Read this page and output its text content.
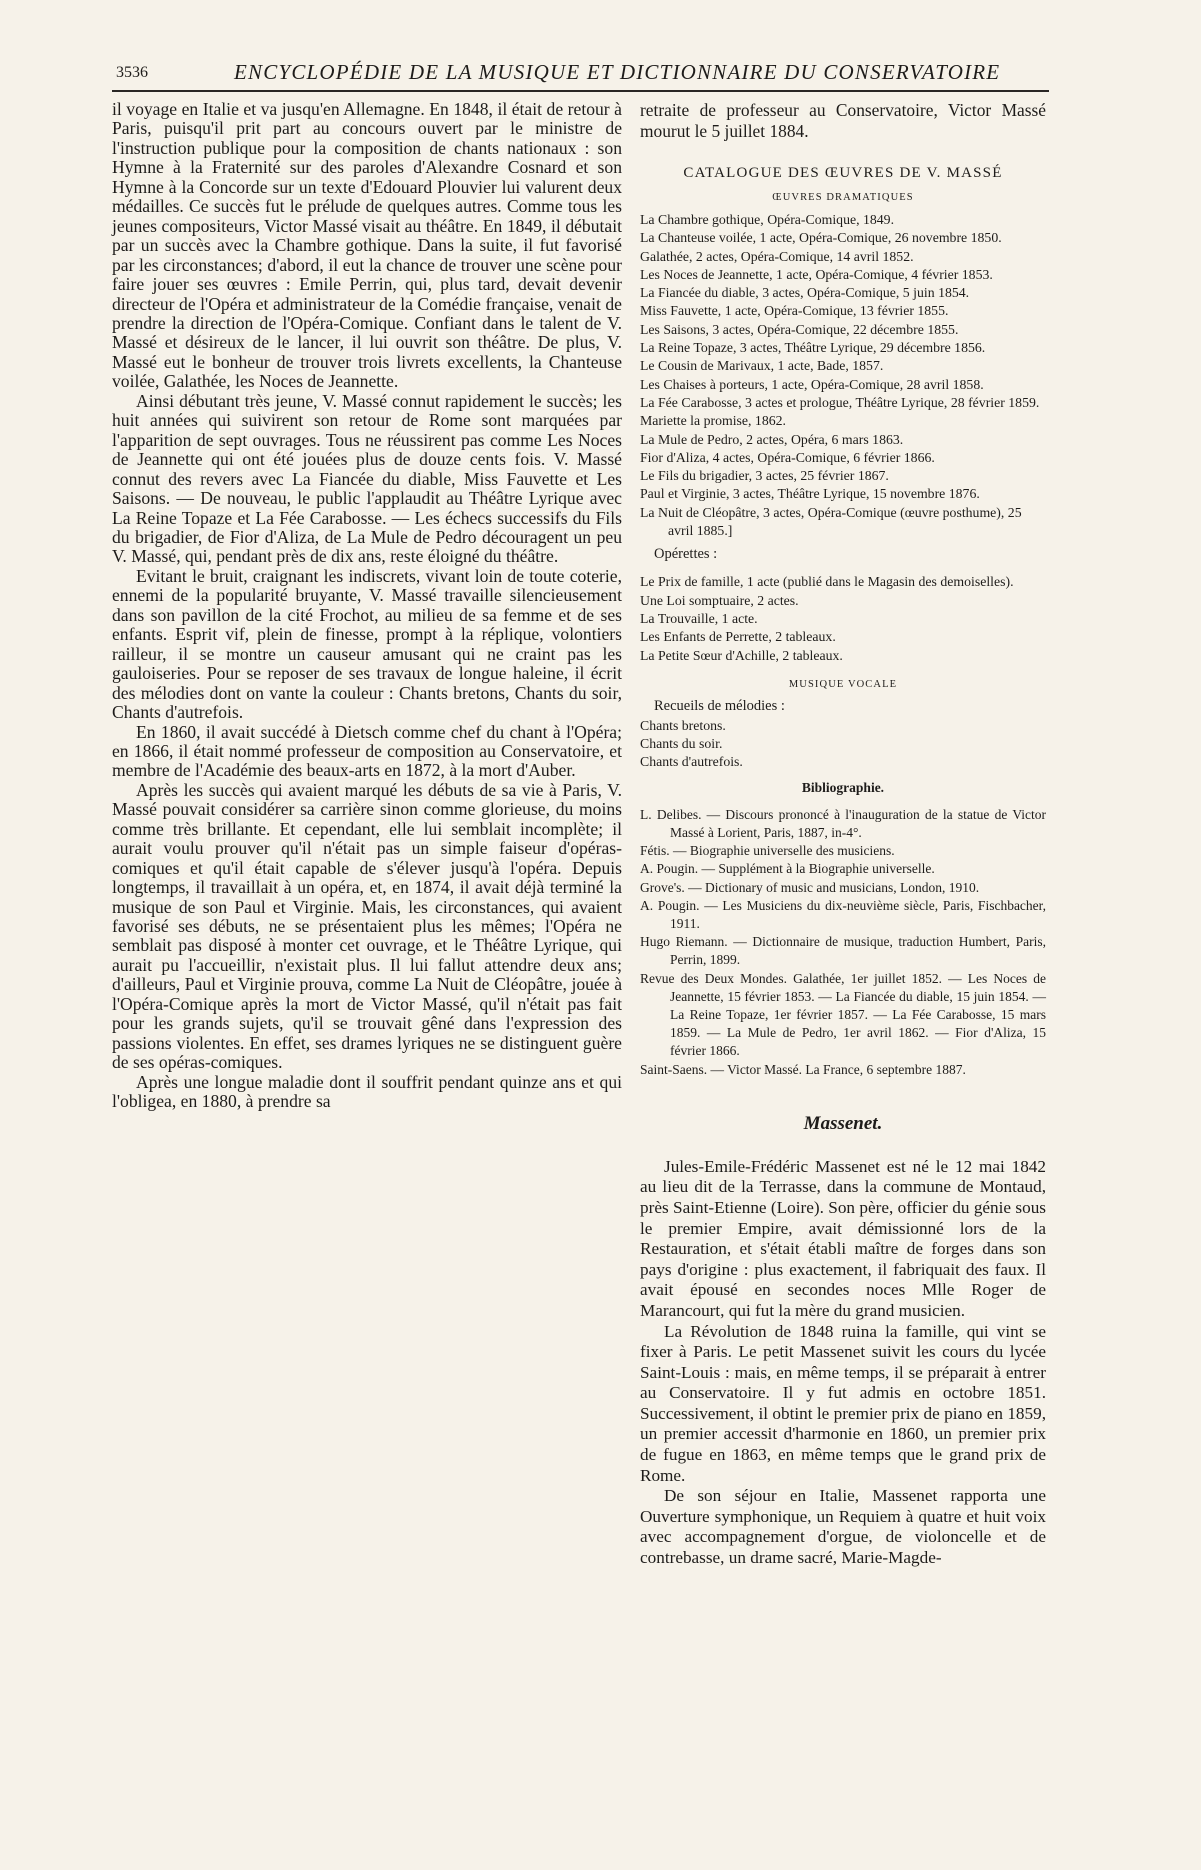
3536	ENCYCLOPÉDIE DE LA MUSIQUE ET DICTIONNAIRE DU CONSERVATOIRE

il voyage en Italie et va jusqu'en Allemagne. En 1848, il était de retour à Paris, puisqu'il prit part au concours ouvert par le ministre de l'instruction publique pour la composition de chants nationaux : son Hymne à la Fraternité sur des paroles d'Alexandre Cosnard et son Hymne à la Concorde sur un texte d'Edouard Plouvier lui valurent deux médailles. Ce succès fut le prélude de quelques autres. Comme tous les jeunes compositeurs, Victor Massé visait au théâtre. En 1849, il débutait par un succès avec la Chambre gothique. Dans la suite, il fut favorisé par les circonstances; d'abord, il eut la chance de trouver une scène pour faire jouer ses œuvres : Emile Perrin, qui, plus tard, devait devenir directeur de l'Opéra et administrateur de la Comédie française, venait de prendre la direction de l'Opéra-Comique. Confiant dans le talent de V. Massé et désireux de le lancer, il lui ouvrit son théâtre. De plus, V. Massé eut le bonheur de trouver trois livrets excellents, la Chanteuse voilée, Galathée, les Noces de Jeannette.

Ainsi débutant très jeune, V. Massé connut rapidement le succès; les huit années qui suivirent son retour de Rome sont marquées par l'apparition de sept ouvrages. Tous ne réussirent pas comme Les Noces de Jeannette qui ont été jouées plus de douze cents fois. V. Massé connut des revers avec La Fiancée du diable, Miss Fauvette et Les Saisons. — De nouveau, le public l'applaudit au Théâtre Lyrique avec La Reine Topaze et La Fée Carabosse. — Les échecs successifs du Fils du brigadier, de Fior d'Aliza, de La Mule de Pedro découragent un peu V. Massé, qui, pendant près de dix ans, reste éloigné du théâtre.

Evitant le bruit, craignant les indiscrets, vivant loin de toute coterie, ennemi de la popularité bruyante, V. Massé travaille silencieusement dans son pavillon de la cité Frochot, au milieu de sa femme et de ses enfants. Esprit vif, plein de finesse, prompt à la réplique, volontiers railleur, il se montre un causeur amusant qui ne craint pas les gauloiseries. Pour se reposer de ses travaux de longue haleine, il écrit des mélodies dont on vante la couleur : Chants bretons, Chants du soir, Chants d'autrefois.

En 1860, il avait succédé à Dietsch comme chef du chant à l'Opéra; en 1866, il était nommé professeur de composition au Conservatoire, et membre de l'Académie des beaux-arts en 1872, à la mort d'Auber.

Après les succès qui avaient marqué les débuts de sa vie à Paris, V. Massé pouvait considérer sa carrière sinon comme glorieuse, du moins comme très brillante. Et cependant, elle lui semblait incomplète; il aurait voulu prouver qu'il n'était pas un simple faiseur d'opéras-comiques et qu'il était capable de s'élever jusqu'à l'opéra. Depuis longtemps, il travaillait à un opéra, et, en 1874, il avait déjà terminé la musique de son Paul et Virginie. Mais, les circonstances, qui avaient favorisé ses débuts, ne se présentaient plus les mêmes; l'Opéra ne semblait pas disposé à monter cet ouvrage, et le Théâtre Lyrique, qui aurait pu l'accueillir, n'existait plus. Il lui fallut attendre deux ans; d'ailleurs, Paul et Virginie prouva, comme La Nuit de Cléopâtre, jouée à l'Opéra-Comique après la mort de Victor Massé, qu'il n'était pas fait pour les grands sujets, qu'il se trouvait gêné dans l'expression des passions violentes. En effet, ses drames lyriques ne se distinguent guère de ses opéras-comiques.

Après une longue maladie dont il souffrit pendant quinze ans et qui l'obligea, en 1880, à prendre sa

retraite de professeur au Conservatoire, Victor Massé mourut le 5 juillet 1884.

CATALOGUE DES ŒUVRES DE V. MASSÉ
ŒUVRES DRAMATIQUES
La Chambre gothique, Opéra-Comique, 1849.
La Chanteuse voilée, 1 acte, Opéra-Comique, 26 novembre 1850.
Galathée, 2 actes, Opéra-Comique, 14 avril 1852.
Les Noces de Jeannette, 1 acte, Opéra-Comique, 4 février 1853.
La Fiancée du diable, 3 actes, Opéra-Comique, 5 juin 1854.
Miss Fauvette, 1 acte, Opéra-Comique, 13 février 1855.
Les Saisons, 3 actes, Opéra-Comique, 22 décembre 1855.
La Reine Topaze, 3 actes, Théâtre Lyrique, 29 décembre 1856.
Le Cousin de Marivaux, 1 acte, Bade, 1857.
Les Chaises à porteurs, 1 acte, Opéra-Comique, 28 avril 1858.
La Fée Carabosse, 3 actes et prologue, Théâtre Lyrique, 28 février 1859.
Mariette la promise, 1862.
La Mule de Pedro, 2 actes, Opéra, 6 mars 1863.
Fior d'Aliza, 4 actes, Opéra-Comique, 6 février 1866.
Le Fils du brigadier, 3 actes, 25 février 1867.
Paul et Virginie, 3 actes, Théâtre Lyrique, 15 novembre 1876.
La Nuit de Cléopâtre, 3 actes, Opéra-Comique (œuvre posthume), 25 avril 1885.]
Opérettes :
Le Prix de famille, 1 acte (publié dans le Magasin des demoiselles).
Une Loi somptuaire, 2 actes.
La Trouvaille, 1 acte.
Les Enfants de Perrette, 2 tableaux.
La Petite Sœur d'Achille, 2 tableaux.
MUSIQUE VOCALE
Recueils de mélodies :
Chants bretons.
Chants du soir.
Chants d'autrefois.
Bibliographie.
L. Delibes. — Discours prononcé à l'inauguration de la statue de Victor Massé à Lorient, Paris, 1887, in-4°.
Fétis. — Biographie universelle des musiciens.
A. Pougin. — Supplément à la Biographie universelle.
Grove's. — Dictionary of music and musicians, London, 1910.
A. Pougin. — Les Musiciens du dix-neuvième siècle, Paris, Fischbacher, 1911.
Hugo Riemann. — Dictionnaire de musique, traduction Humbert, Paris, Perrin, 1899.
Revue des Deux Mondes. Galathée, 1er juillet 1852. — Les Noces de Jeannette, 15 février 1853. — La Fiancée du diable, 15 juin 1854. — La Reine Topaze, 1er février 1857. — La Fée Carabosse, 15 mars 1859. — La Mule de Pedro, 1er avril 1862. — Fior d'Aliza, 15 février 1866.
Saint-Saens. — Victor Massé. La France, 6 septembre 1887.
Massenet.

Jules-Emile-Frédéric Massenet est né le 12 mai 1842 au lieu dit de la Terrasse, dans la commune de Montaud, près Saint-Etienne (Loire). Son père, officier du génie sous le premier Empire, avait démissionné lors de la Restauration, et s'était établi maître de forges dans son pays d'origine : plus exactement, il fabriquait des faux. Il avait épousé en secondes noces Mlle Roger de Marancourt, qui fut la mère du grand musicien.

La Révolution de 1848 ruina la famille, qui vint se fixer à Paris. Le petit Massenet suivit les cours du lycée Saint-Louis : mais, en même temps, il se préparait à entrer au Conservatoire. Il y fut admis en octobre 1851. Successivement, il obtint le premier prix de piano en 1859, un premier accessit d'harmonie en 1860, un premier prix de fugue en 1863, en même temps que le grand prix de Rome.

De son séjour en Italie, Massenet rapporta une Ouverture symphonique, un Requiem à quatre et huit voix avec accompagnement d'orgue, de violoncelle et de contrebasse, un drame sacré, Marie-Magde-
